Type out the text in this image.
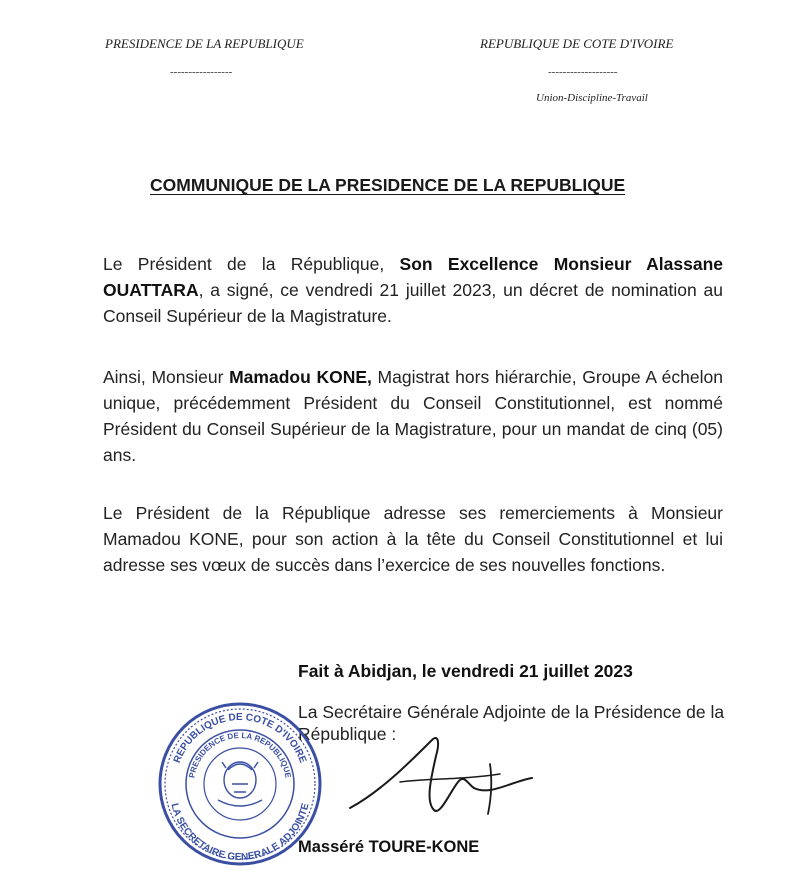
PRESIDENCE DE LA REPUBLIQUE
-----------------
REPUBLIQUE DE COTE D'IVOIRE
-------------------
Union-Discipline-Travail
COMMUNIQUE DE LA PRESIDENCE DE LA REPUBLIQUE

Le Président de la République, Son Excellence Monsieur Alassane OUATTARA, a signé, ce vendredi 21 juillet 2023, un décret de nomination au Conseil Supérieur de la Magistrature.

Ainsi, Monsieur Mamadou KONE, Magistrat hors hiérarchie, Groupe A échelon unique, précédemment Président du Conseil Constitutionnel, est nommé Président du Conseil Supérieur de la Magistrature, pour un mandat de cinq (05) ans.

Le Président de la République adresse ses remerciements à Monsieur Mamadou KONE, pour son action à la tête du Conseil Constitutionnel et lui adresse ses vœux de succès dans l’exercice de ses nouvelles fonctions.

Fait à Abidjan, le vendredi 21 juillet 2023
La Secrétaire Générale Adjointe de la Présidence de la République :
REPUBLIQUE DE COTE D'IVOIRE
PRESIDENCE DE LA REPUBLIQUE
LA SECRETAIRE GENERALE ADJOINTE
Masséré TOURE-KONE
